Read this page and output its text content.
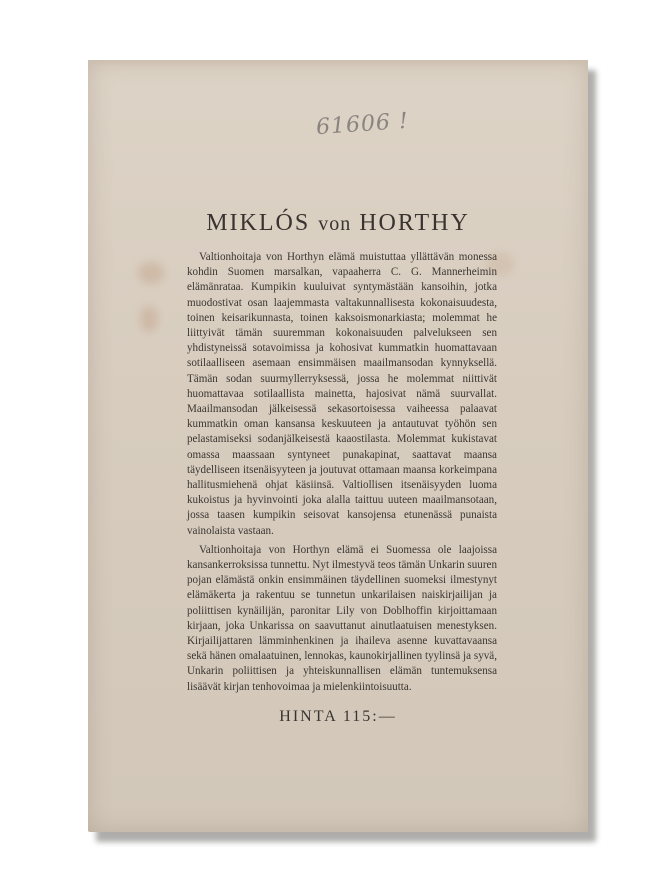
61606 !
MIKLÓS von HORTHY

Valtionhoitaja von Horthyn elämä muistuttaa yllättävän monessa kohdin Suomen marsalkan, vapaaherra C. G. Mannerheimin elämänrataa. Kumpikin kuuluivat syntymästään kansoihin, jotka muodostivat osan laajemmasta valtakunnallisesta kokonaisuudesta, toinen keisarikunnasta, toinen kaksoismonarkiasta; molemmat he liittyivät tämän suuremman kokonaisuuden palvelukseen sen yhdistyneissä sotavoimissa ja kohosivat kummatkin huomattavaan sotilaalliseen asemaan ensimmäisen maailmansodan kynnyksellä. Tämän sodan suurmyllerryksessä, jossa he molemmat niittivät huomattavaa sotilaallista mainetta, hajosivat nämä suurvallat. Maailmansodan jälkeisessä sekasortoisessa vaiheessa palaavat kummatkin oman kansansa keskuuteen ja antautuvat työhön sen pelastamiseksi sodanjälkeisestä kaaostilasta. Molemmat kukistavat omassa maassaan syntyneet punakapinat, saattavat maansa täydelliseen itsenäisyyteen ja joutuvat ottamaan maansa korkeimpana hallitusmiehenä ohjat käsiinsä. Valtiollisen itsenäisyyden luoma kukoistus ja hyvinvointi joka alalla taittuu uuteen maailmansotaan, jossa taasen kumpikin seisovat kansojensa etunenässä punaista vainolaista vastaan.

Valtionhoitaja von Horthyn elämä ei Suomessa ole laajoissa kansankerroksissa tunnettu. Nyt ilmestyvä teos tämän Unkarin suuren pojan elämästä onkin ensimmäinen täydellinen suomeksi ilmestynyt elämäkerta ja rakentuu se tunnetun unkarilaisen naiskirjailijan ja poliittisen kynäilijän, paronitar Lily von Doblhoffin kirjoittamaan kirjaan, joka Unkarissa on saavuttanut ainutlaatuisen menestyksen. Kirjailijattaren lämminhenkinen ja ihaileva asenne kuvattavaansa sekä hänen omalaatuinen, lennokas, kaunokirjallinen tyylinsä ja syvä, Unkarin poliittisen ja yhteiskunnallisen elämän tuntemuksensa lisäävät kirjan tenhovoimaa ja mielenkiintoisuutta.

HINTA 115:—
